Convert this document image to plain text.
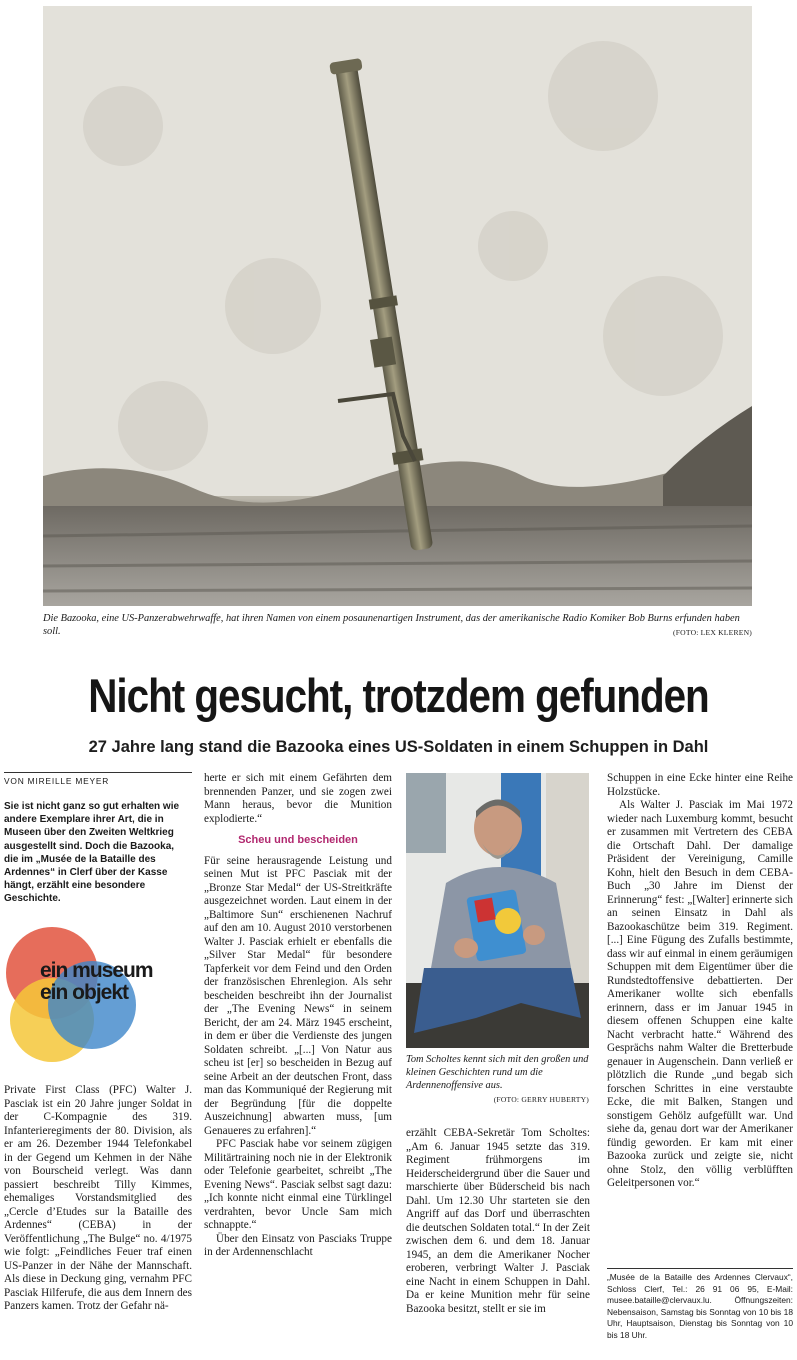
Die Bazooka, eine US-Panzerabwehrwaffe, hat ihren Namen von einem posaunenartigen Instrument, das der amerikanische Radio Komiker Bob Burns erfunden haben soll.	(FOTO: LEX KLEREN)
Nicht gesucht, trotzdem gefunden
27 Jahre lang stand die Bazooka eines US-Soldaten in einem Schuppen in Dahl
VON MIREILLE MEYER
Sie ist nicht ganz so gut erhalten wie andere Exemplare ihrer Art, die in Museen über den Zweiten Weltkrieg ausgestellt sind. Doch die Bazooka, die im „Musée de la Bataille des Ardennes“ in Clerf über der Kasse hängt, erzählt eine besondere Geschichte.
ein museum
ein objekt

Private First Class (PFC) Walter J. Pasciak ist ein 20 Jahre junger Soldat in der C-Kompagnie des 319. Infanterieregiments der 80. Division, als er am 26. Dezember 1944 Telefonkabel in der Gegend um Kehmen in der Nähe von Bourscheid verlegt. Was dann passiert beschreibt Tilly Kimmes, ehemaliges Vorstandsmitglied des „Cercle d’Etudes sur la Bataille des Ardennes“ (CEBA) in der Veröffentlichung „The Bulge“ no. 4/1975 wie folgt: „Feindliches Feuer traf einen US-Panzer in der Nähe der Mannschaft. Als diese in Deckung ging, vernahm PFC Pasciak Hilferufe, die aus dem Innern des Panzers kamen. Trotz der Gefahr nä-

herte er sich mit einem Gefährten dem brennenden Panzer, und sie zogen zwei Mann heraus, bevor die Munition explodierte.“

Scheu und bescheiden

Für seine herausragende Leistung und seinen Mut ist PFC Pasciak mit der „Bronze Star Medal“ der US-Streitkräfte ausgezeichnet worden. Laut einem in der „Baltimore Sun“ erschienenen Nachruf auf den am 10. August 2010 verstorbenen Walter J. Pasciak erhielt er ebenfalls die „Silver Star Medal“ für besondere Tapferkeit vor dem Feind und den Orden der französischen Ehrenlegion. Als sehr bescheiden beschreibt ihn der Journalist der „The Evening News“ in seinem Bericht, der am 24. März 1945 erscheint, in dem er über die Verdienste des jungen Soldaten schreibt. „[...] Von Natur aus scheu ist [er] so bescheiden in Bezug auf seine Arbeit an der deutschen Front, dass man das Kommuniqué der Regierung mit der Begründung [für die doppelte Auszeichnung] abwarten muss, [um Genaueres zu erfahren].“

PFC Pasciak habe vor seinem zügigen Militärtraining noch nie in der Elektronik oder Telefonie gearbeitet, schreibt „The Evening News“. Pasciak selbst sagt dazu: „Ich konnte nicht einmal eine Türklingel verdrahten, bevor Uncle Sam mich schnappte.“

Über den Einsatz von Pasciaks Truppe in der Ardennenschlacht

Tom Scholtes kennt sich mit den großen und kleinen Geschichten rund um die Ardennenoffensive aus.
(FOTO: GERRY HUBERTY)

erzählt CEBA-Sekretär Tom Scholtes: „Am 6. Januar 1945 setzte das 319. Regiment frühmorgens im Heiderscheidergrund über die Sauer und marschierte über Büderscheid bis nach Dahl. Um 12.30 Uhr starteten sie den Angriff auf das Dorf und überraschten die deutschen Soldaten total.“ In der Zeit zwischen dem 6. und dem 18. Januar 1945, an dem die Amerikaner Nocher eroberen, verbringt Walter J. Pasciak eine Nacht in einem Schuppen in Dahl. Da er keine Munition mehr für seine Bazooka besitzt, stellt er sie im

Schuppen in eine Ecke hinter eine Reihe Holzstücke.

Als Walter J. Pasciak im Mai 1972 wieder nach Luxemburg kommt, besucht er zusammen mit Vertretern des CEBA die Ortschaft Dahl. Der damalige Präsident der Vereinigung, Camille Kohn, hielt den Besuch in dem CEBA-Buch „30 Jahre im Dienst der Erinnerung“ fest: „[Walter] erinnerte sich an seinen Einsatz in Dahl als Bazookaschütze beim 319. Regiment. [...] Eine Fügung des Zufalls bestimmte, dass wir auf einmal in einem geräumigen Schuppen mit dem Eigentümer über die Rundstedtoffensive debattierten. Der Amerikaner wollte sich ebenfalls erinnern, dass er im Januar 1945 in diesem offenen Schuppen eine kalte Nacht verbracht hatte.“ Während des Gesprächs nahm Walter die Bretterbude genauer in Augenschein. Dann verließ er plötzlich die Runde „und begab sich forschen Schrittes in eine verstaubte Ecke, die mit Balken, Stangen und sonstigem Gehölz aufgefüllt war. Und siehe da, genau dort war der Amerikaner fündig geworden. Er kam mit einer Bazooka zurück und zeigte sie, nicht ohne Stolz, den völlig verblüfften Geleitpersonen vor.“

„Musée de la Bataille des Ardennes Clervaux“, Schloss Clerf, Tel.: 26 91 06 95, E-Mail: musee.bataille@clervaux.lu. Öffnungszeiten: Nebensaison, Samstag bis Sonntag von 10 bis 18 Uhr, Hauptsaison, Dienstag bis Sonntag von 10 bis 18 Uhr.
